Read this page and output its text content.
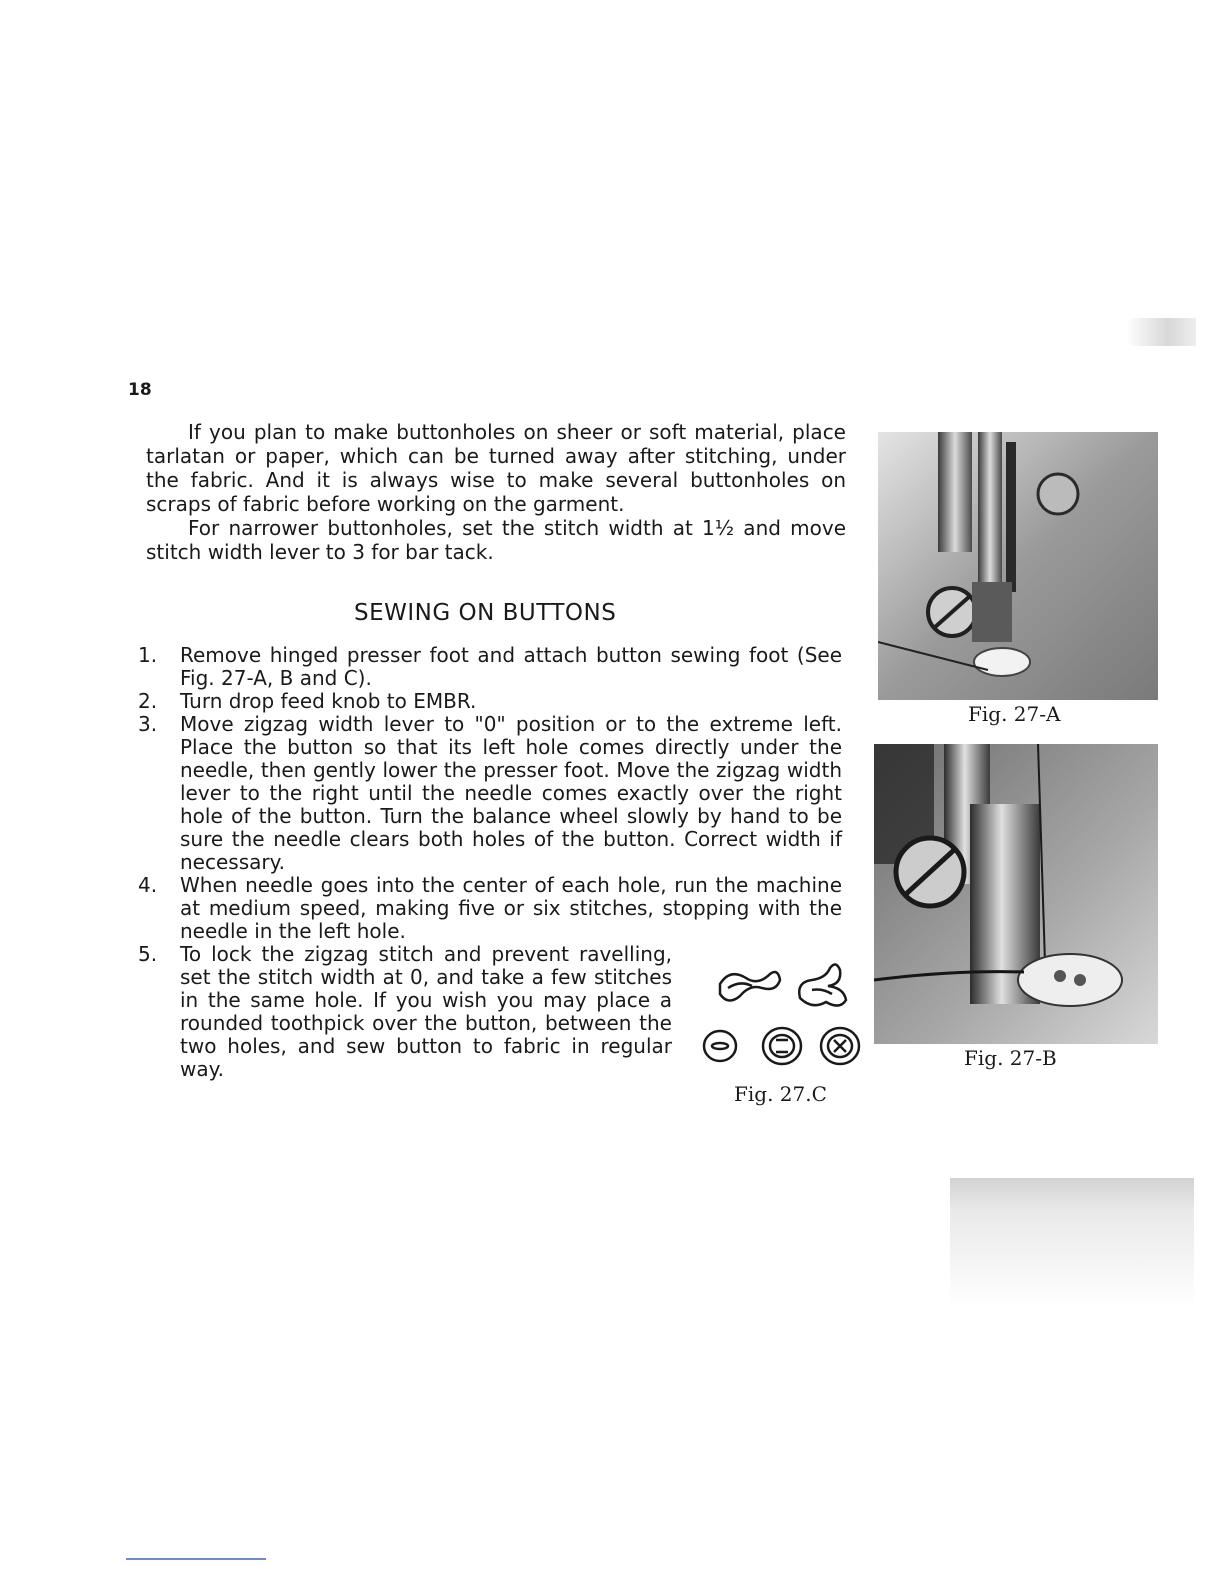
18

If you plan to make buttonholes on sheer or soft material, place tarlatan or paper, which can be turned away after stitching, under the fabric. And it is always wise to make several buttonholes on scraps of fabric before working on the garment.

For narrower buttonholes, set the stitch width at 1½ and move stitch width lever to 3 for bar tack.

SEWING ON BUTTONS
1. Remove hinged presser foot and attach button sewing foot (See Fig. 27-A, B and C).
2. Turn drop feed knob to EMBR.
3. Move zigzag width lever to "0" position or to the extreme left. Place the button so that its left hole comes directly under the needle, then gently lower the presser foot. Move the zigzag width lever to the right until the needle comes exactly over the right hole of the button. Turn the balance wheel slowly by hand to be sure the needle clears both holes of the button. Correct width if necessary.
4. When needle goes into the center of each hole, run the machine at medium speed, making five or six stitches, stopping with the needle in the left hole.
5. To lock the zigzag stitch and prevent ravelling, set the stitch width at 0, and take a few stitches in the same hole. If you wish you may place a rounded toothpick over the button, between the two holes, and sew button to fabric in regular way.
Fig. 27-A
Fig. 27-B
Fig. 27.C
